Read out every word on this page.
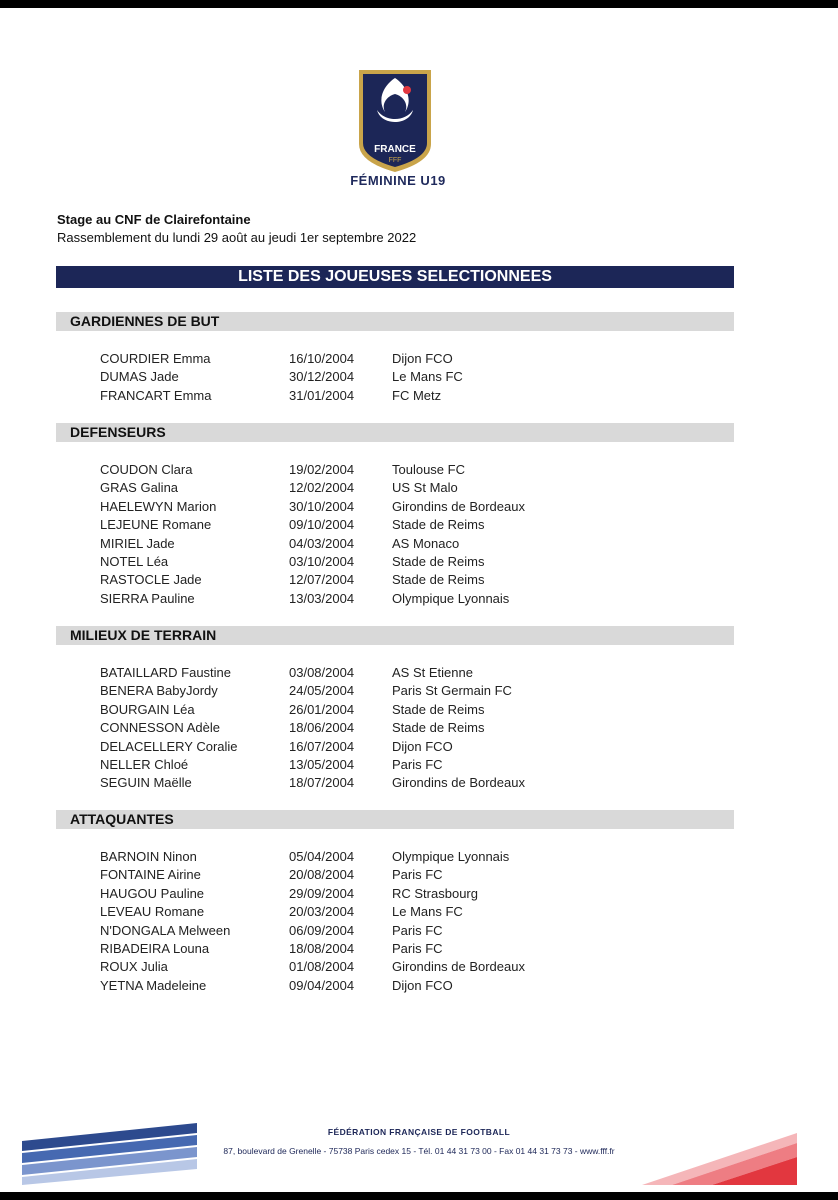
FRANCE
FFF
FÉMININE U19
Stage au CNF de Clairefontaine
Rassemblement du lundi 29 août au jeudi 1er septembre 2022
LISTE DES JOUEUSES SELECTIONNEES
GARDIENNES DE BUT
COURDIER Emma	16/10/2004	Dijon FCO
DUMAS Jade	30/12/2004	Le Mans FC
FRANCART Emma	31/01/2004	FC Metz
DEFENSEURS
COUDON Clara	19/02/2004	Toulouse FC
GRAS Galina	12/02/2004	US St Malo
HAELEWYN Marion	30/10/2004	Girondins de Bordeaux
LEJEUNE Romane	09/10/2004	Stade de Reims
MIRIEL Jade	04/03/2004	AS Monaco
NOTEL Léa	03/10/2004	Stade de Reims
RASTOCLE Jade	12/07/2004	Stade de Reims
SIERRA Pauline	13/03/2004	Olympique Lyonnais
MILIEUX DE TERRAIN
BATAILLARD Faustine	03/08/2004	AS St Etienne
BENERA BabyJordy	24/05/2004	Paris St Germain FC
BOURGAIN Léa	26/01/2004	Stade de Reims
CONNESSON Adèle	18/06/2004	Stade de Reims
DELACELLERY Coralie	16/07/2004	Dijon FCO
NELLER Chloé	13/05/2004	Paris FC
SEGUIN Maëlle	18/07/2004	Girondins de Bordeaux
ATTAQUANTES
BARNOIN Ninon	05/04/2004	Olympique Lyonnais
FONTAINE Airine	20/08/2004	Paris FC
HAUGOU Pauline	29/09/2004	RC Strasbourg
LEVEAU Romane	20/03/2004	Le Mans FC
N'DONGALA Melween	06/09/2004	Paris FC
RIBADEIRA Louna	18/08/2004	Paris FC
ROUX Julia	01/08/2004	Girondins de Bordeaux
YETNA Madeleine	09/04/2004	Dijon FCO
FÉDÉRATION FRANÇAISE DE FOOTBALL
87, boulevard de Grenelle - 75738 Paris cedex 15 - Tél. 01 44 31 73 00 - Fax 01 44 31 73 73 - www.fff.fr
